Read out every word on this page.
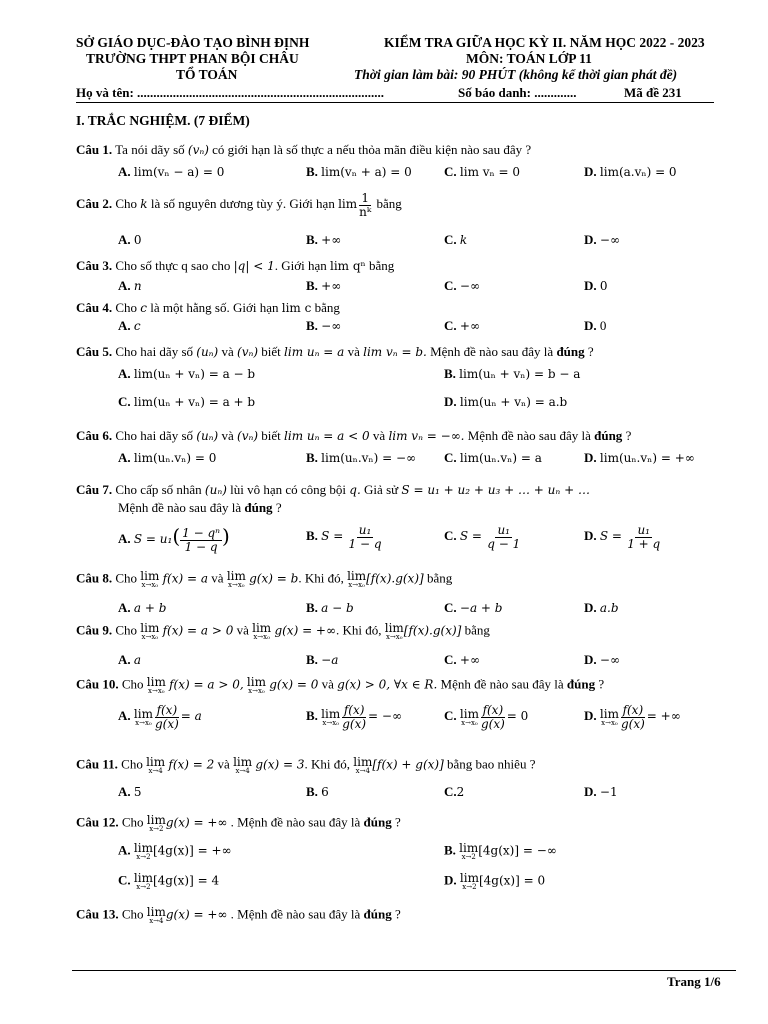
SỞ GIÁO DỤC-ĐÀO TẠO BÌNH ĐỊNH
TRƯỜNG THPT PHAN BỘI CHÂU
TỔ TOÁN
KIỂM TRA GIỮA HỌC KỲ II. NĂM HỌC 2022 - 2023
MÔN: TOÁN LỚP 11
Thời gian làm bài: 90 PHÚT (không kể thời gian phát đề)
Họ và tên: ............................................................................	Số báo danh: .............	Mã đề 231
I. TRẮC NGHIỆM. (7 ĐIỂM)
Câu 1. Ta nói dãy số (vₙ) có giới hạn là số thực a nếu thỏa mãn điều kiện nào sau đây ?
A. lim(vₙ − a) = 0	B. lim(vₙ + a) = 0 C. lim vₙ = 0	D. lim(a.vₙ) = 0
Câu 2. Cho k là số nguyên dương tùy ý. Giới hạn $\lim \frac{1}{\text{nᵏ}}$ bằng
A. 0	B. +∞	C. k	D. −∞
Câu 3. Cho số thực q sao cho |q| < 1. Giới hạn lim qⁿ bằng
A. n	B. +∞	C. −∞	D. 0
Câu 4. Cho c là một hằng số. Giới hạn lim c bằng
A. c	B. −∞	C. +∞	D. 0
Câu 5. Cho hai dãy số (uₙ) và (vₙ) biết lim uₙ = a và lim vₙ = b. Mệnh đề nào sau đây là đúng ?
A. lim(uₙ + vₙ) = a − b	B. lim(uₙ + vₙ) = b − a
C. lim(uₙ + vₙ) = a + b	D. lim(uₙ + vₙ) = a.b
Câu 6. Cho hai dãy số (uₙ) và (vₙ) biết lim uₙ = a < 0 và lim vₙ = −∞. Mệnh đề nào sau đây là đúng ?
A. lim(uₙ.vₙ) = 0	B. lim(uₙ.vₙ) = −∞ C. lim(uₙ.vₙ) = a	D. lim(uₙ.vₙ) = +∞
Câu 7. Cho cấp số nhân (uₙ) lùi vô hạn có công bội q. Giả sử S = u₁ + u₂ + u₃ + … + uₙ + …
Mệnh đề nào sau đây là đúng ?
A. $S = u_1( \frac{\text{1 − qⁿ}}{1 - q}$ )	B. $S = \frac{\text{u₁}}{1 - q}$	C. $S = \frac{\text{u₁}}{q - 1}$	D. $S = \frac{\text{u₁}}{1 + q}$
Câu 8. Cho lim
x→x₀ f(x) = a và lim
x→x₀ g(x) = b. Khi đó, lim
x→x₀ [f(x).g(x)] bằng
A. a + b	B. a − b	C. −a + b	D. a.b
Câu 9. Cho lim
x→x₀ f(x) = a > 0 và lim
x→x₀ g(x) = +∞. Khi đó, lim
x→x₀ [f(x).g(x)] bằng
A. a	B. −a	C. +∞	D. −∞
Câu 10. Cho lim
x→x₀ f(x) = a > 0, lim
x→x₀ g(x) = 0 và g(x) > 0, ∀x ∈ R. Mệnh đề nào sau đây là đúng ?
A. lim
$x\to x_0 \frac{f(x)}{g(x)} = a$	B. lim
$x\to x_0 \frac{f(x)}{g(x)}$ = −∞	C. lim
$x\to x_0 \frac{f(x)}{g(x)} = 0$	D. lim
$x\to x_0 \frac{f(x)}{g(x)}$ = +∞
Câu 11. Cho lim
x→4 f(x) = 2 và lim
x→4 g(x) = 3. Khi đó, lim
x→4 [f(x) + g(x)] bằng bao nhiêu ?
A. 5	B. 6	C.2	D. −1
Câu 12. Cho lim
x→2 g(x) = +∞ . Mệnh đề nào sau đây là đúng ?
A. lim
x→2 [4g(x)] = +∞	B. lim
x→2 [4g(x)] = −∞
C. lim
x→2 [4g(x)] = 4	D. lim
x→2 [4g(x)] = 0
Câu 13. Cho lim
x→4 g(x) = +∞ . Mệnh đề nào sau đây là đúng ?
Trang 1/6
